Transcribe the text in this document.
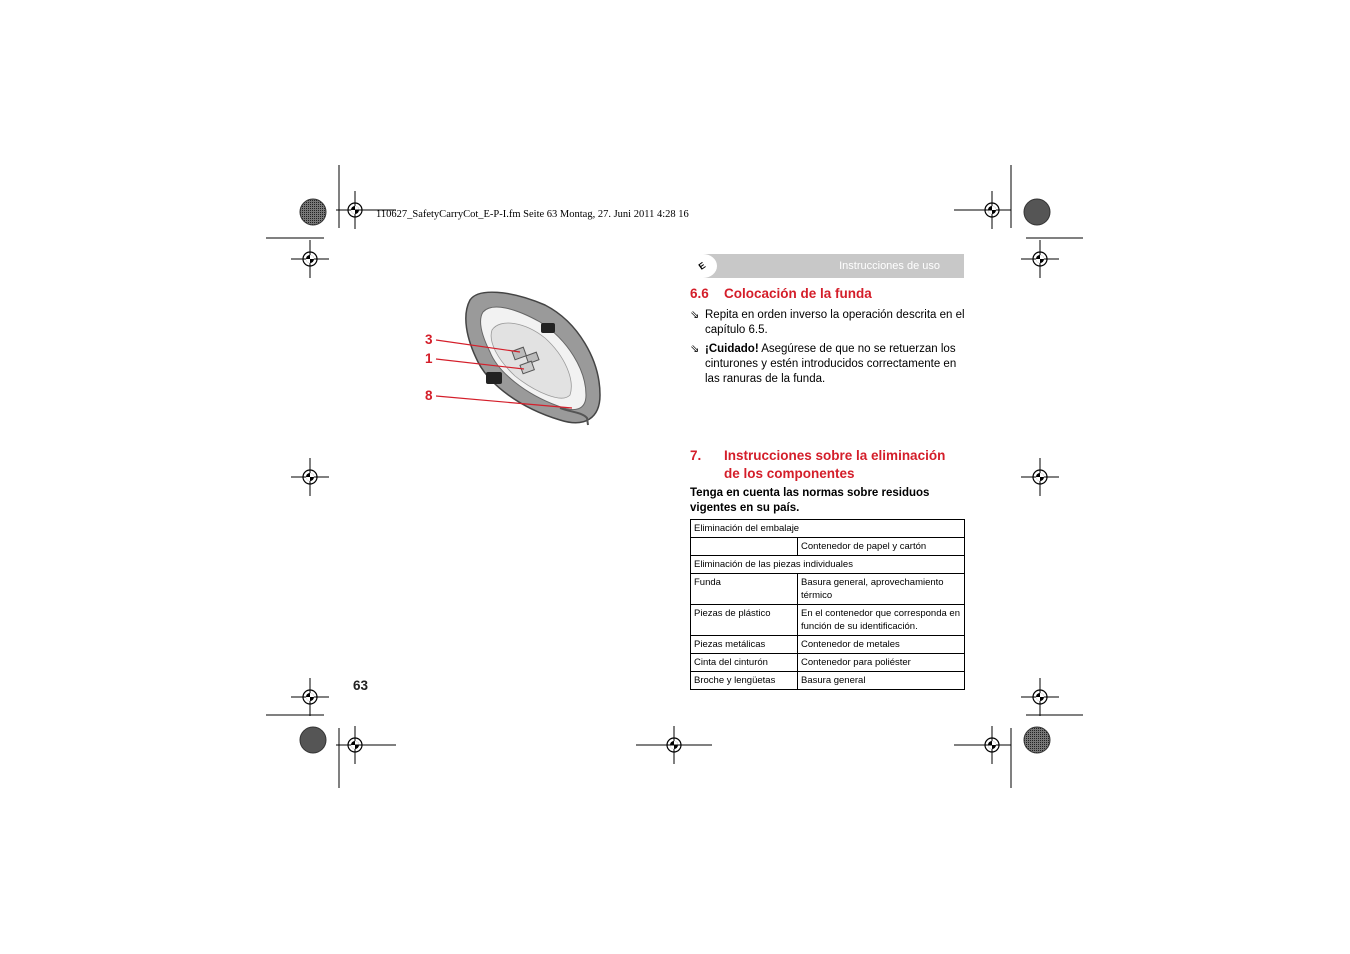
110627_SafetyCarryCot_E-P-I.fm Seite 63 Montag, 27. Juni 2011 4:28 16
E	Instrucciones de uso
3
1
8
6.6 Colocación de la funda
⇘ Repita en orden inverso la operación descrita en el capítulo 6.5.
⇘ ¡Cuidado! Asegúrese de que no se retuerzan los cinturones y estén introducidos correctamente en las ranuras de la funda.
7. Instrucciones sobre la eliminación
de los componentes
Tenga en cuenta las normas sobre residuos vigentes en su país.
Eliminación del embalaje	
	Contenedor de papel y cartón
Eliminación de las piezas individuales	
Funda	Basura general, aprovechamiento térmico
Piezas de plástico	En el contenedor que corresponda en función de su identificación.
Piezas metálicas	Contenedor de metales
Cinta del cinturón	Contenedor para poliéster
Broche y lengüetas	Basura general
63
